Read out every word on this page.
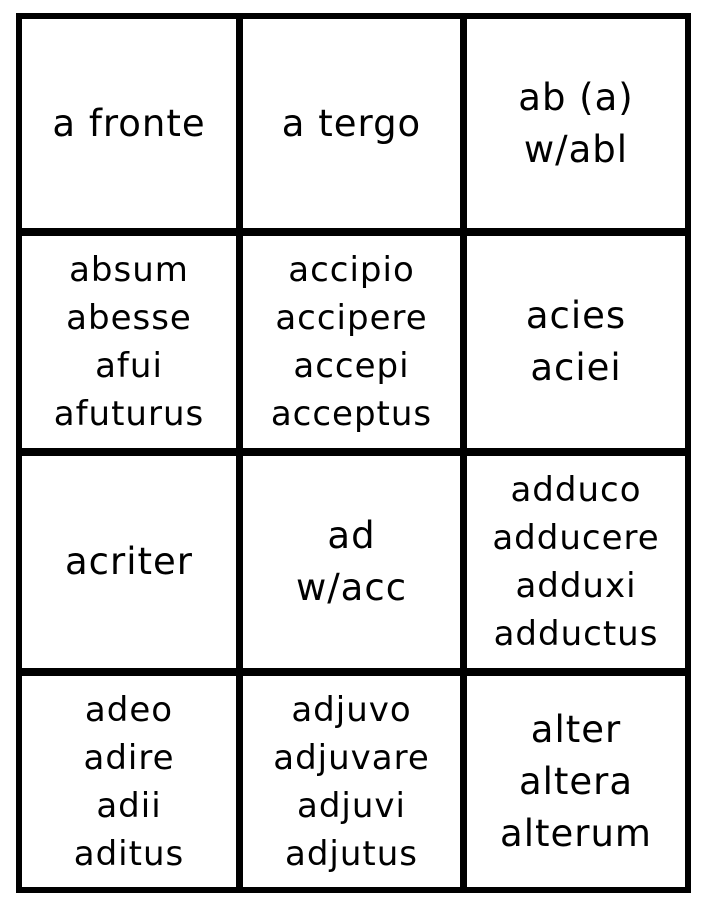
a fronte a tergo
ab (a)
w/abl
absum
abesse
afui
afuturus
accipio
accipere
accepi
acceptus
acies
aciei
acriter
ad
w/acc
adduco
adducere
adduxi
adductus
adeo
adire
adii
aditus
adjuvo
adjuvare
adjuvi
adjutus
alter
altera
alterum
